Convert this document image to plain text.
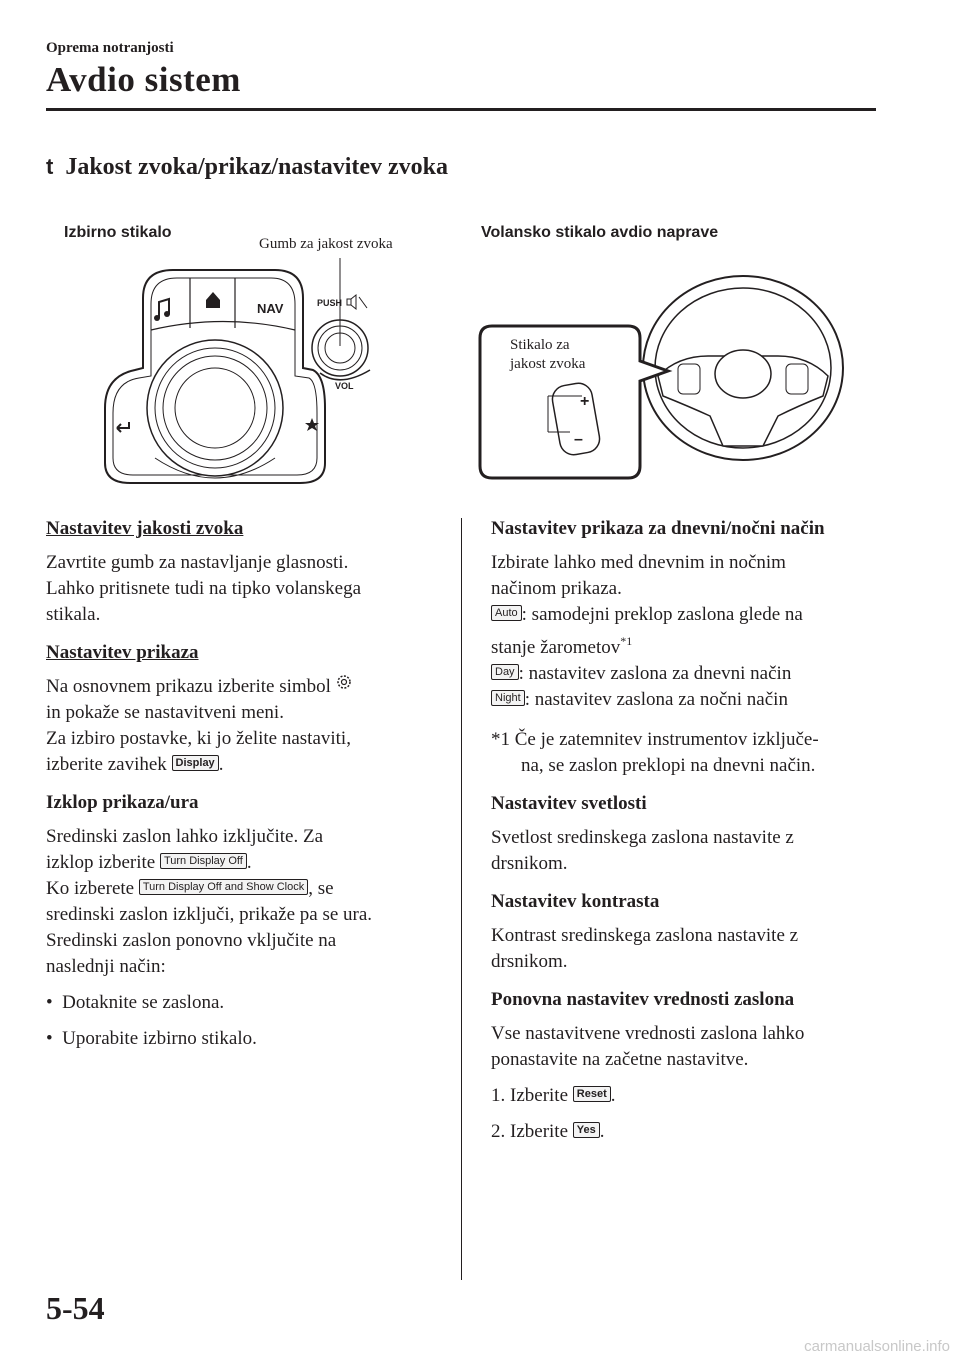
Oprema notranjosti
Avdio sistem
t Jakost zvoka/prikaz/nastavitev zvoka
Izbirno stikalo
Gumb za jakost zvoka
Volansko stikalo avdio naprave
NAV	PUSH
VOL
+
–
Stikalo za
jakost zvoka

Nastavitev jakosti zvoka

Zavrtite gumb za nastavljanje glasnosti.

Lahko pritisnete tudi na tipko volanskega

stikala.

Nastavitev prikaza

Na osnovnem prikazu izberite simbol

in pokaže se nastavitveni meni.

Za izbiro postavke, ki jo želite nastaviti,

izberite zavihek Display .

Izklop prikaza/ura

Sredinski zaslon lahko izključite. Za

izklop izberite Turn Display Off .

Ko izberete Turn Display Off and Show Clock , se

sredinski zaslon izključi, prikaže pa se ura.

Sredinski zaslon ponovno vključite na

naslednji način:

•  Dotaknite se zaslona.

•  Uporabite izbirno stikalo.

Nastavitev prikaza za dnevni/nočni način

Izbirate lahko med dnevnim in nočnim

načinom prikaza.

Auto : samodejni preklop zaslona glede na

stanje žarometov$^{*1}$

Day : nastavitev zaslona za dnevni način

Night : nastavitev zaslona za nočni način

*1 Če je zatemnitev instrumentov izključe-

na, se zaslon preklopi na dnevni način.

Nastavitev svetlosti

Svetlost sredinskega zaslona nastavite z

drsnikom.

Nastavitev kontrasta

Kontrast sredinskega zaslona nastavite z

drsnikom.

Ponovna nastavitev vrednosti zaslona

Vse nastavitvene vrednosti zaslona lahko

ponastavite na začetne nastavitve.

1. Izberite Reset .

2. Izberite Yes .

5-54
carmanualsonline.info
